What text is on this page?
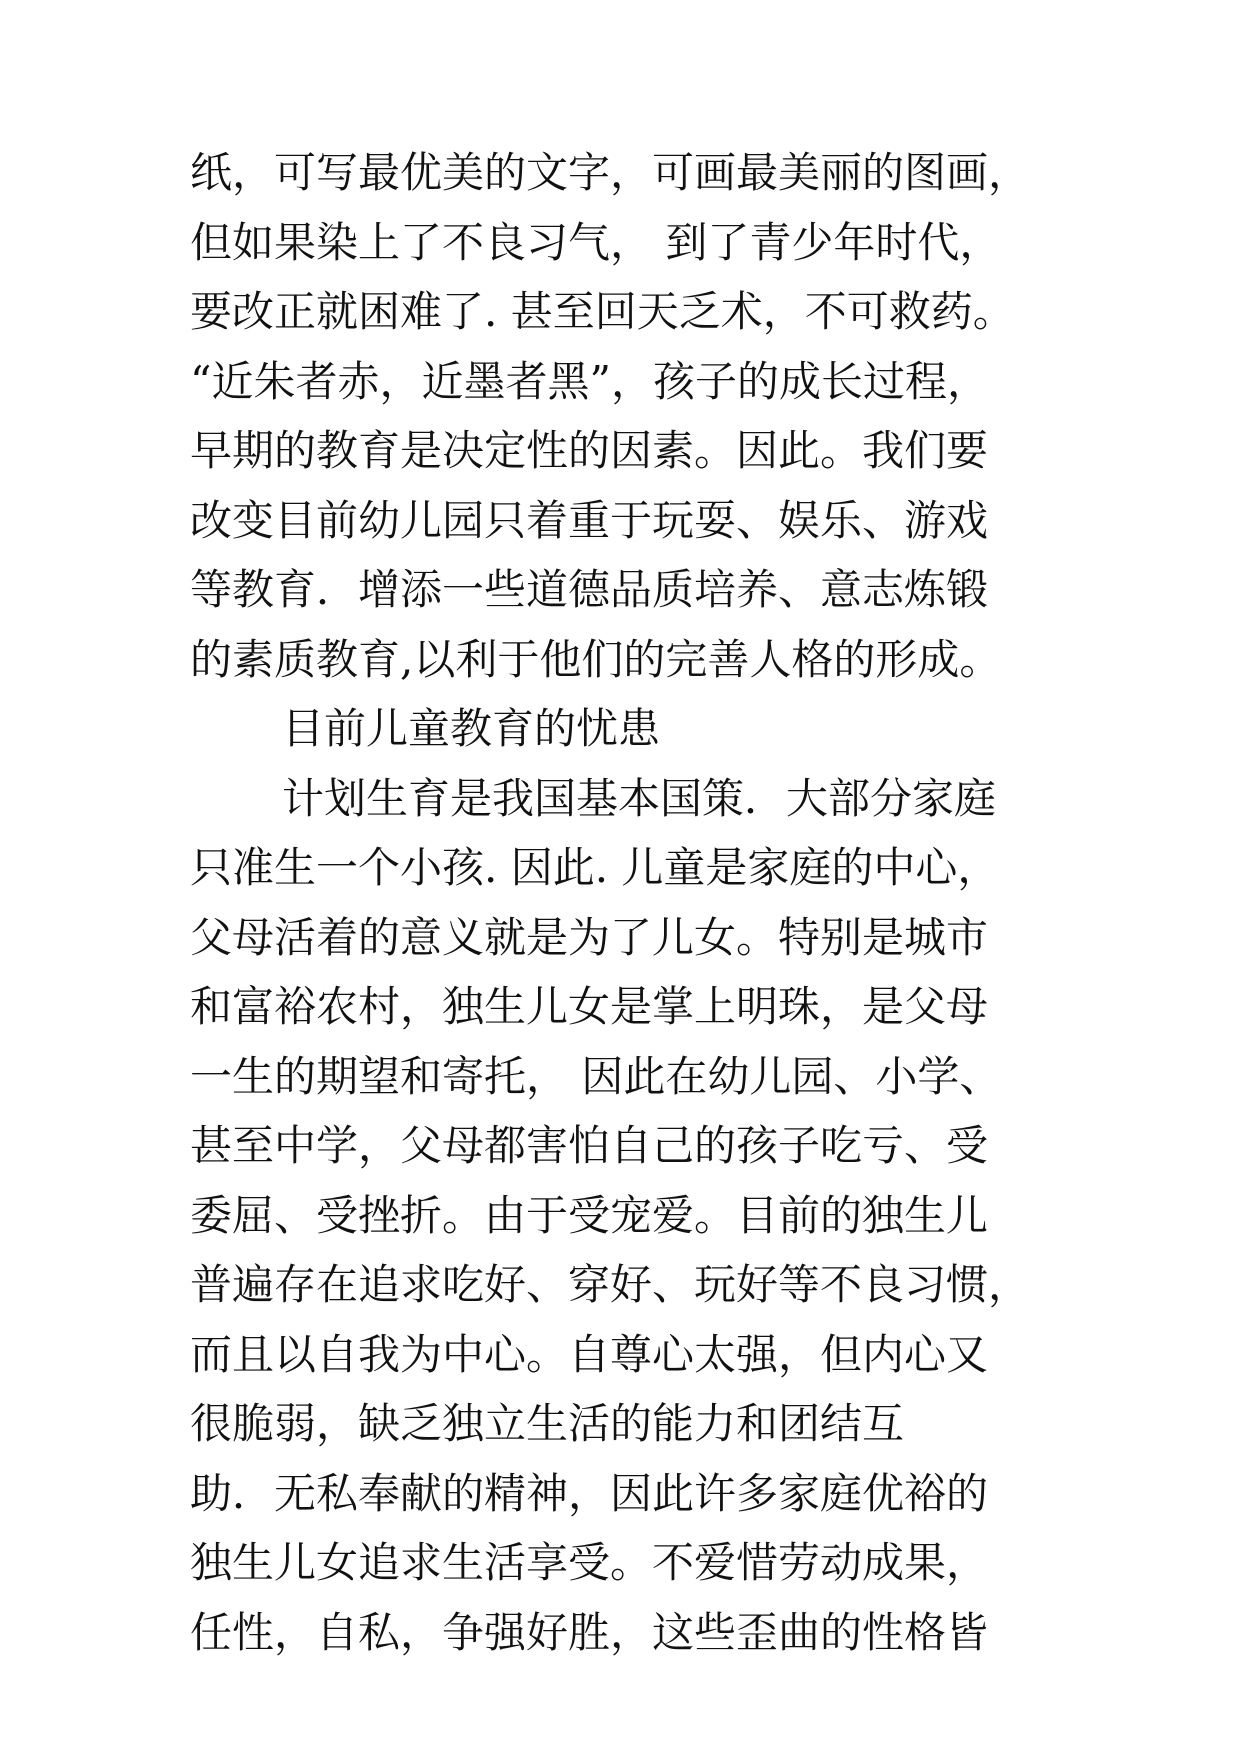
纸，可写最优美的文字，可画最美丽的图画，
但如果染上了不良习气， 到了青少年时代，
要改正就困难了. 甚至回天乏术，不可救药。
“近朱者赤，近墨者黑”，孩子的成长过程，
早期的教育是决定性的因素。因此。我们要
改变目前幼儿园只着重于玩耍、娱乐、游戏
等教育．增添一些道德品质培养、意志炼锻
的素质教育,以利于他们的完善人格的形成。
目前儿童教育的忧患
计划生育是我国基本国策．大部分家庭
只准生一个小孩. 因此. 儿童是家庭的中心，
父母活着的意义就是为了儿女。特别是城市
和富裕农村，独生儿女是掌上明珠，是父母
一生的期望和寄托， 因此在幼儿园、小学、
甚至中学，父母都害怕自己的孩子吃亏、受
委屈、受挫折。由于受宠爱。目前的独生儿
普遍存在追求吃好、穿好、玩好等不良习惯，
而且以自我为中心。自尊心太强，但内心又
很脆弱，缺乏独立生活的能力和团结互
助．无私奉献的精神，因此许多家庭优裕的
独生儿女追求生活享受。不爱惜劳动成果，
任性，自私，争强好胜，这些歪曲的性格皆
